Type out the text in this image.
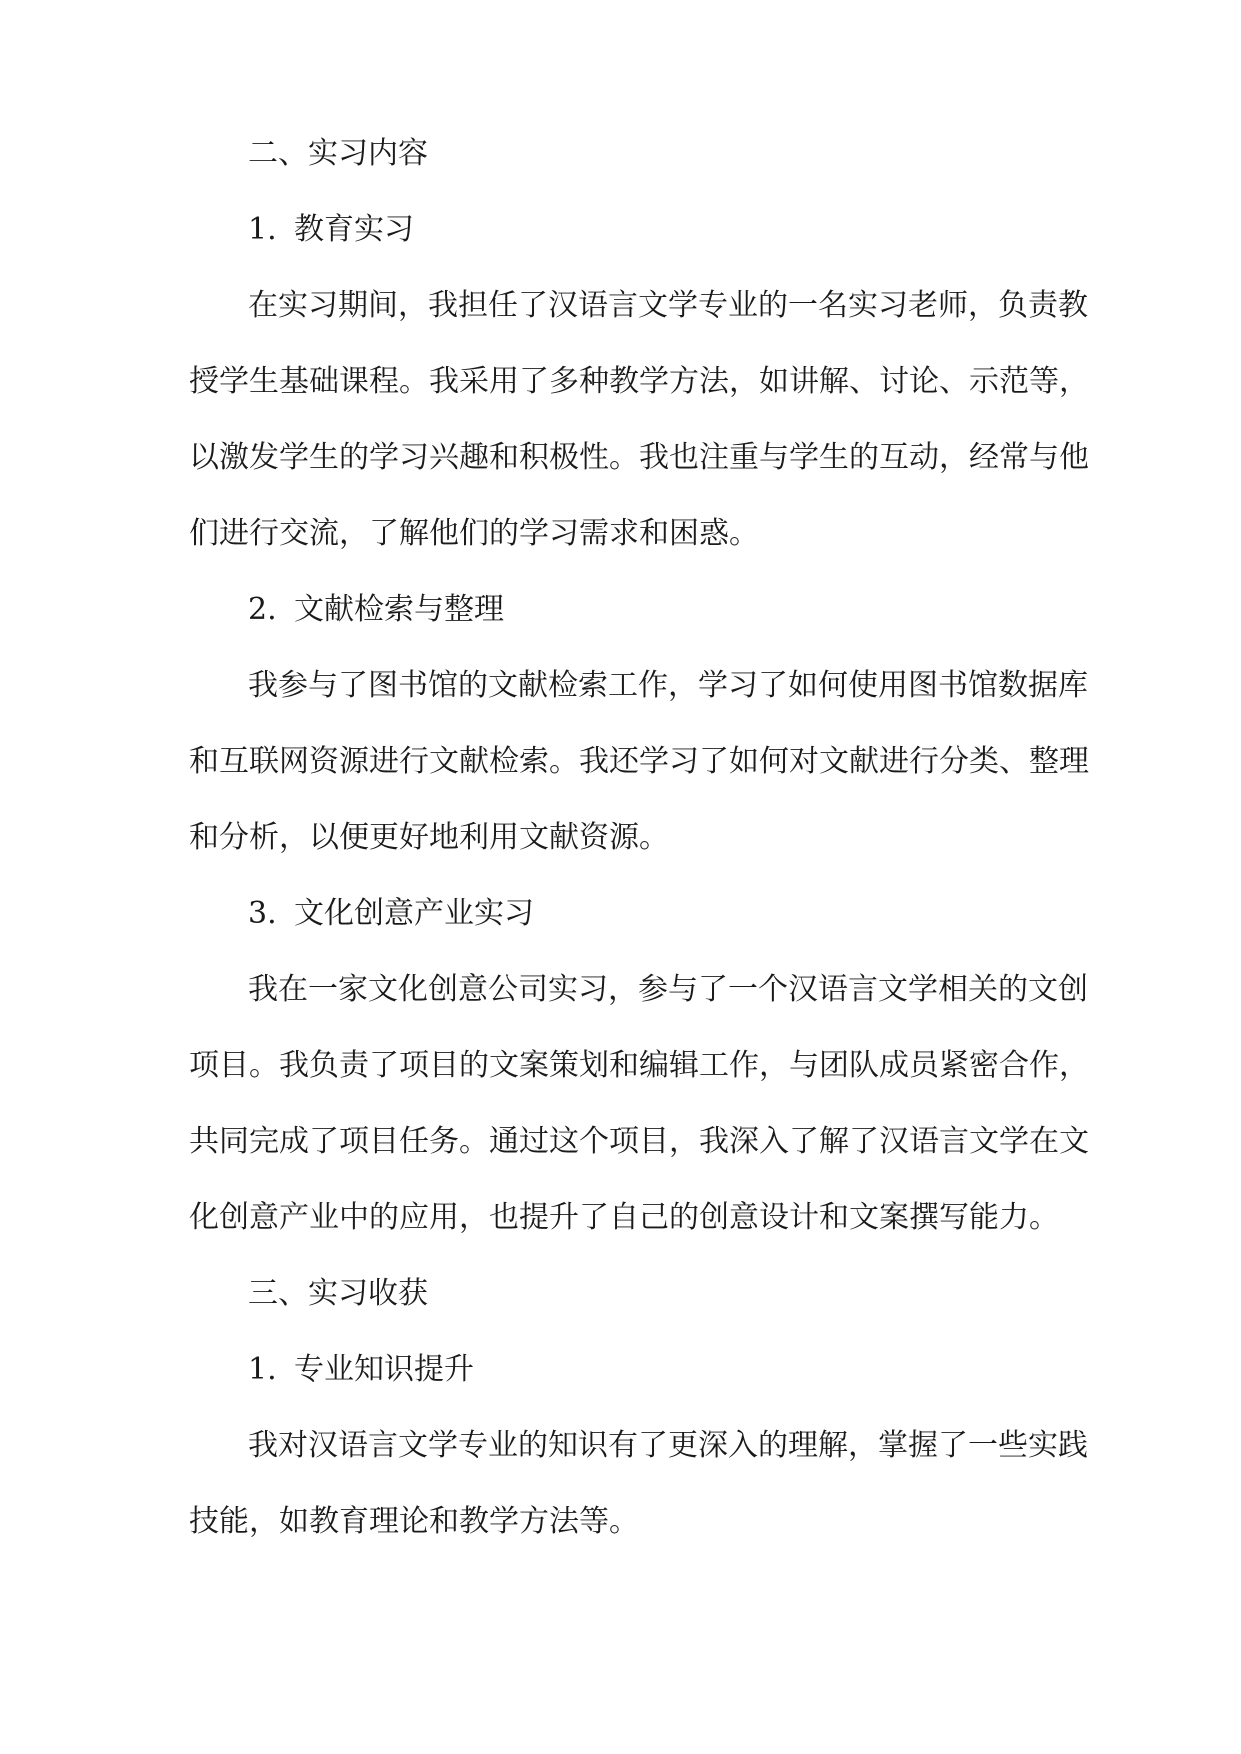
二、实习内容

1. 教育实习

在实习期间，我担任了汉语言文学专业的一名实习老师，负责教

授学生基础课程。我采用了多种教学方法，如讲解、讨论、示范等，

以激发学生的学习兴趣和积极性。我也注重与学生的互动，经常与他

们进行交流，了解他们的学习需求和困惑。

2. 文献检索与整理

我参与了图书馆的文献检索工作，学习了如何使用图书馆数据库

和互联网资源进行文献检索。我还学习了如何对文献进行分类、整理

和分析，以便更好地利用文献资源。

3. 文化创意产业实习

我在一家文化创意公司实习，参与了一个汉语言文学相关的文创

项目。我负责了项目的文案策划和编辑工作，与团队成员紧密合作，

共同完成了项目任务。通过这个项目，我深入了解了汉语言文学在文

化创意产业中的应用，也提升了自己的创意设计和文案撰写能力。

三、实习收获

1. 专业知识提升

我对汉语言文学专业的知识有了更深入的理解，掌握了一些实践

技能，如教育理论和教学方法等。
